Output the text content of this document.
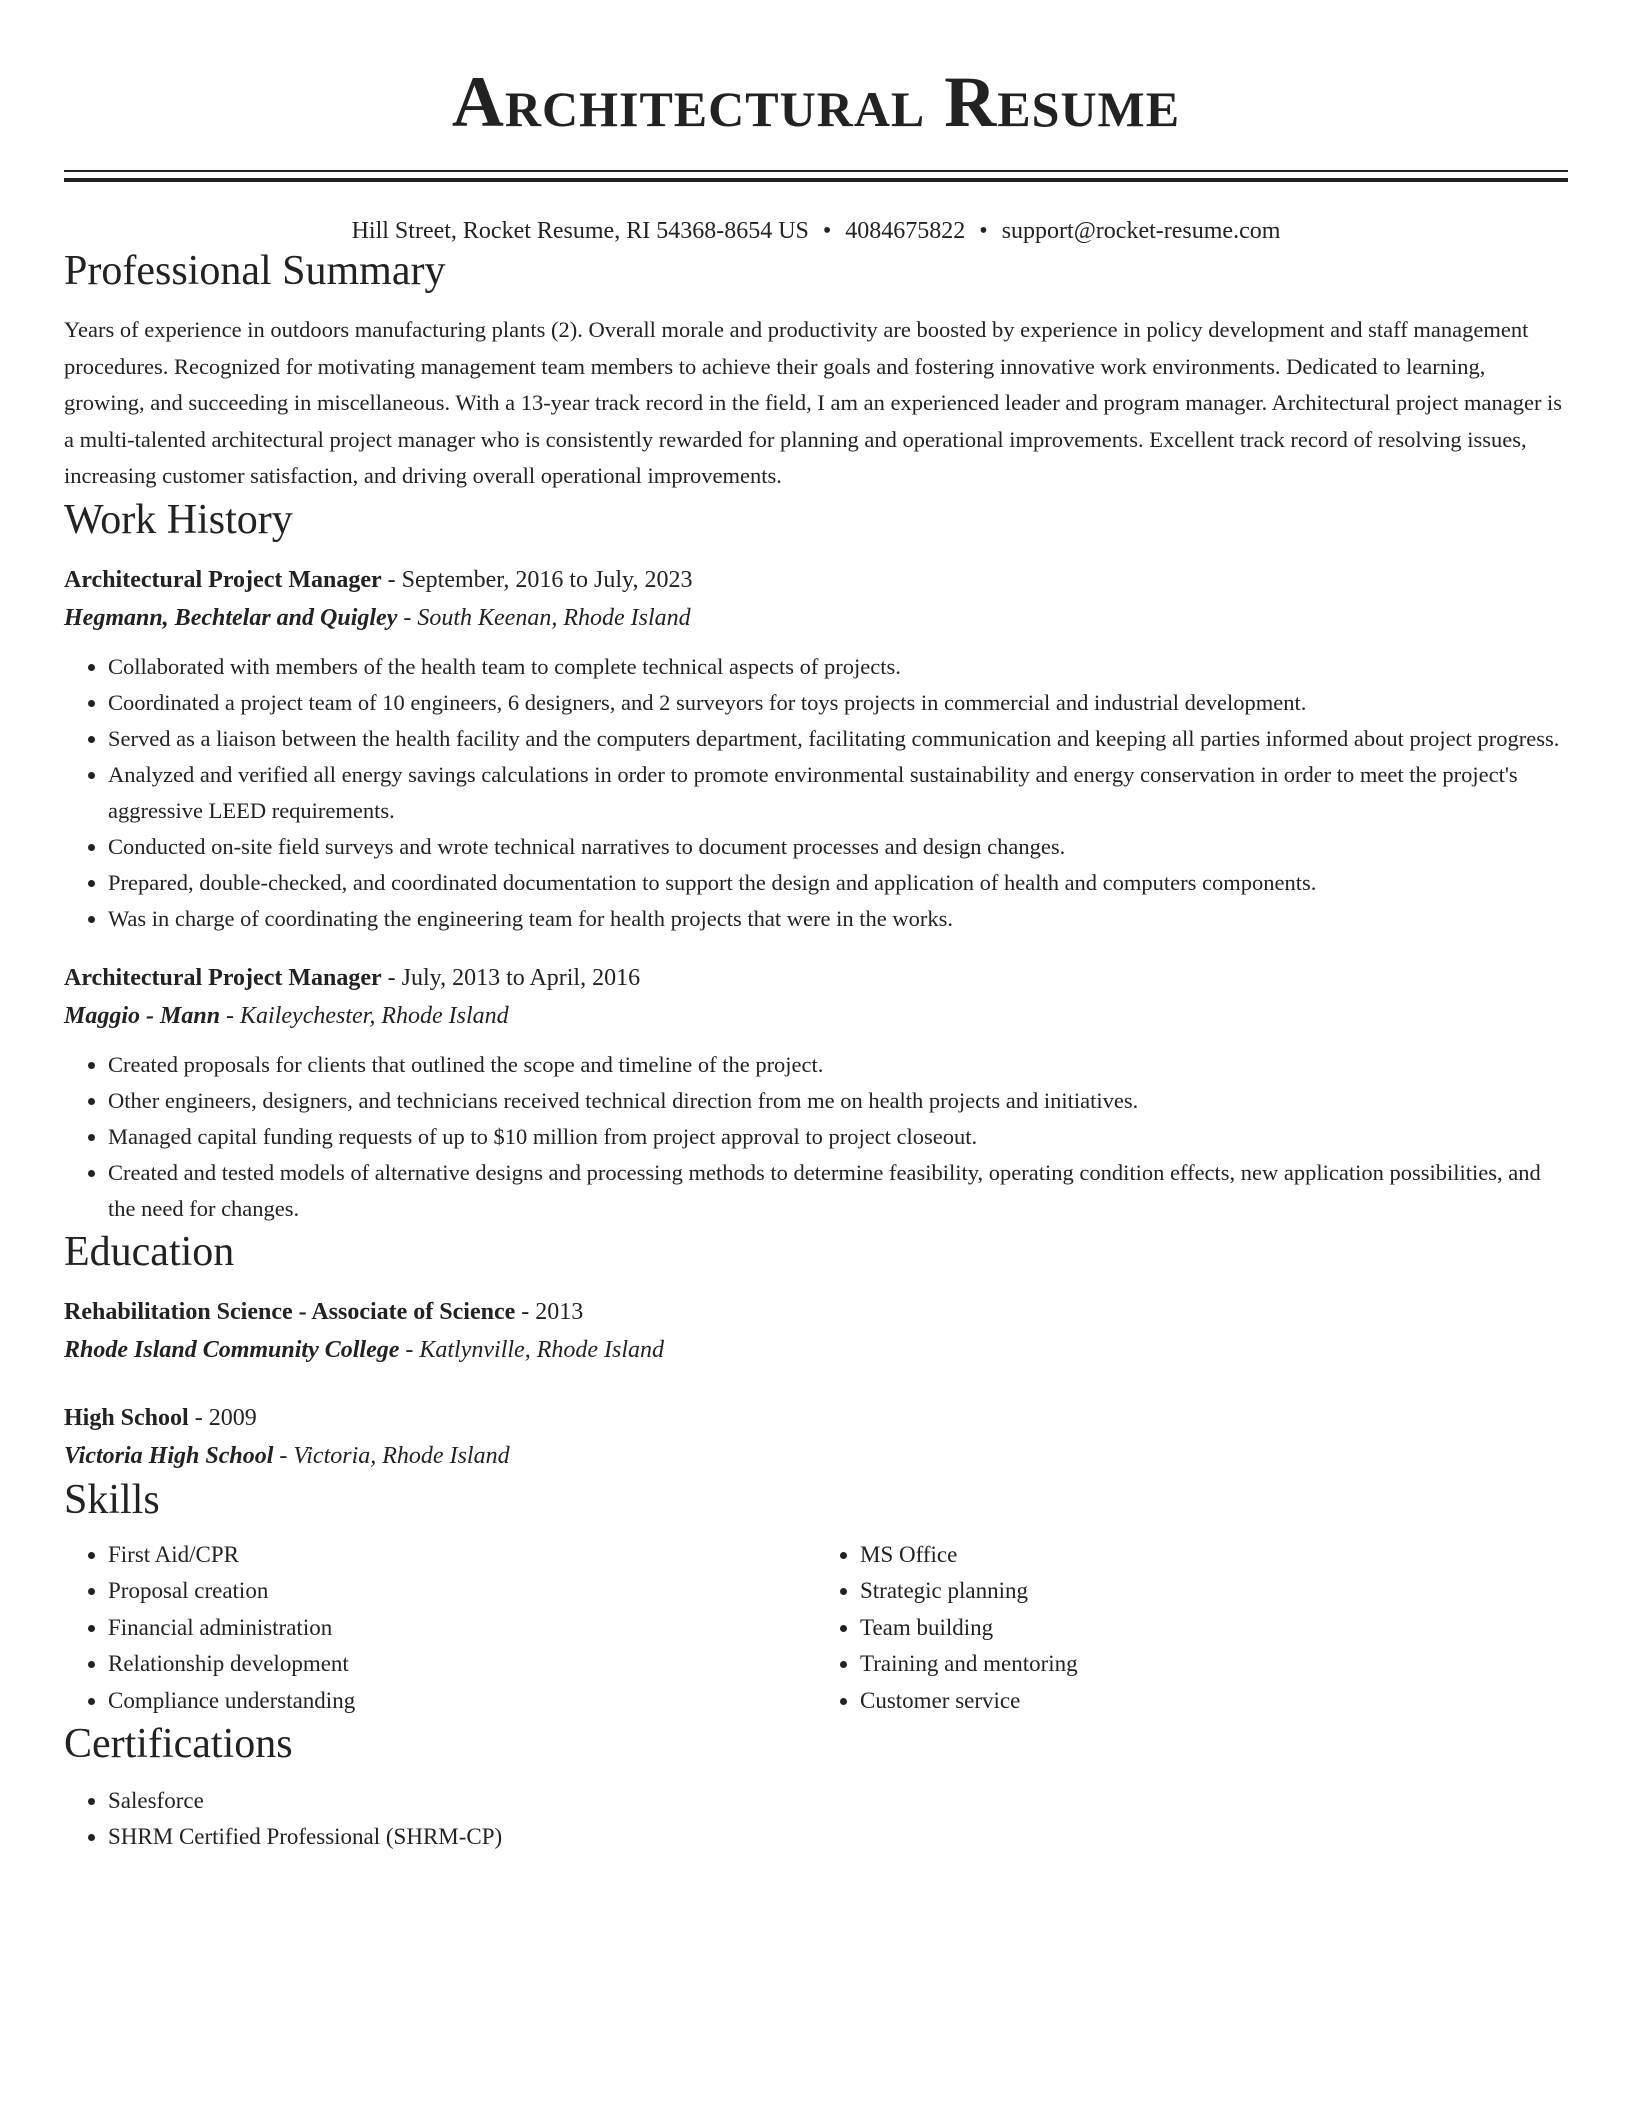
Architectural Resume
Hill Street, Rocket Resume, RI 54368-8654 US • 4084675822 • support@rocket-resume.com
Professional Summary

Years of experience in outdoors manufacturing plants (2). Overall morale and productivity are boosted by experience in policy development and staff management procedures. Recognized for motivating management team members to achieve their goals and fostering innovative work environments. Dedicated to learning, growing, and succeeding in miscellaneous. With a 13-year track record in the field, I am an experienced leader and program manager. Architectural project manager is a multi-talented architectural project manager who is consistently rewarded for planning and operational improvements. Excellent track record of resolving issues, increasing customer satisfaction, and driving overall operational improvements.

Work History
Architectural Project Manager - September, 2016 to July, 2023
Hegmann, Bechtelar and Quigley - South Keenan, Rhode Island
• Collaborated with members of the health team to complete technical aspects of projects.
• Coordinated a project team of 10 engineers, 6 designers, and 2 surveyors for toys projects in commercial and industrial development.
• Served as a liaison between the health facility and the computers department, facilitating communication and keeping all parties informed about project progress.
• Analyzed and verified all energy savings calculations in order to promote environmental sustainability and energy conservation in order to meet the project's aggressive LEED requirements.
• Conducted on-site field surveys and wrote technical narratives to document processes and design changes.
• Prepared, double-checked, and coordinated documentation to support the design and application of health and computers components.
• Was in charge of coordinating the engineering team for health projects that were in the works.
Architectural Project Manager - July, 2013 to April, 2016
Maggio - Mann - Kaileychester, Rhode Island
• Created proposals for clients that outlined the scope and timeline of the project.
• Other engineers, designers, and technicians received technical direction from me on health projects and initiatives.
• Managed capital funding requests of up to $10 million from project approval to project closeout.
• Created and tested models of alternative designs and processing methods to determine feasibility, operating condition effects, new application possibilities, and the need for changes.
Education
Rehabilitation Science - Associate of Science - 2013
Rhode Island Community College - Katlynville, Rhode Island
High School - 2009
Victoria High School - Victoria, Rhode Island
Skills
• First Aid/CPR
• Proposal creation
• Financial administration
• Relationship development
• Compliance understanding
• MS Office
• Strategic planning
• Team building
• Training and mentoring
• Customer service
Certifications
• Salesforce
• SHRM Certified Professional (SHRM-CP)
